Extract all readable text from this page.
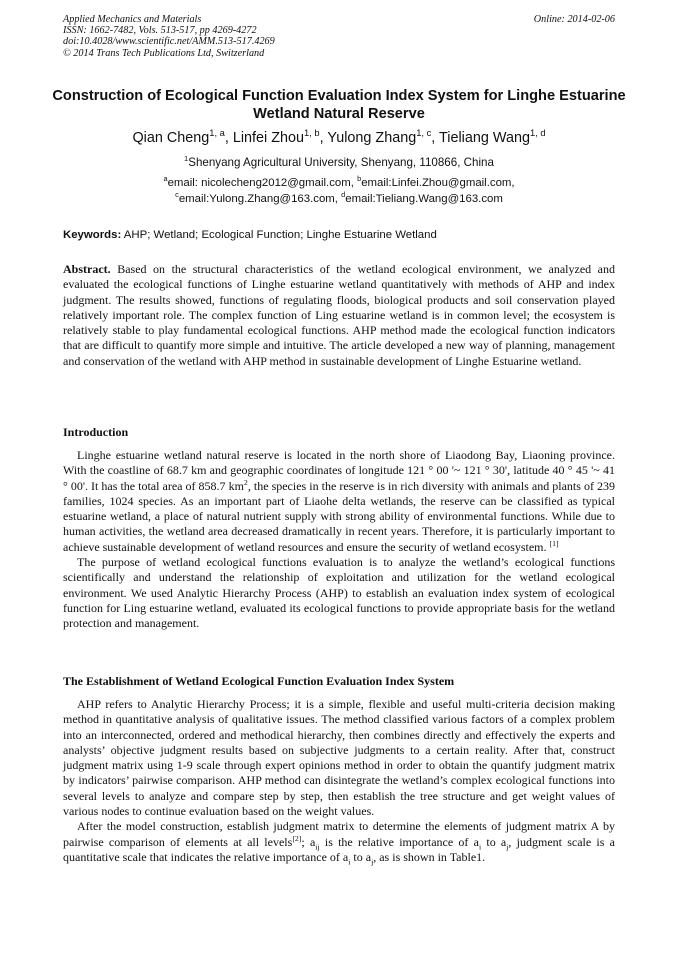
Applied Mechanics and Materials
ISSN: 1662-7482, Vols. 513-517, pp 4269-4272
doi:10.4028/www.scientific.net/AMM.513-517.4269
© 2014 Trans Tech Publications Ltd, Switzerland
Online: 2014-02-06
Construction of Ecological Function Evaluation Index System for Linghe Estuarine Wetland Natural Reserve
Qian Cheng$^{1, a}$, Linfei Zhou$^{1, b}$, Yulong Zhang$^{1, c}$, Tieliang Wang$^{1, d}$
$^1$Shenyang Agricultural University, Shenyang, 110866, China
$^a$email: nicolecheng2012@gmail.com, $^b$email:Linfei.Zhou@gmail.com,
$^c$email:Yulong.Zhang@163.com, $^d$email:Tieliang.Wang@163.com
Keywords: AHP; Wetland; Ecological Function; Linghe Estuarine Wetland

Abstract. Based on the structural characteristics of the wetland ecological environment, we analyzed and evaluated the ecological functions of Linghe estuarine wetland quantitatively with methods of AHP and index judgment. The results showed, functions of regulating floods, biological products and soil conservation played relatively important role. The complex function of Ling estuarine wetland is in common level; the ecosystem is relatively stable to play fundamental ecological functions. AHP method made the ecological function indicators that are difficult to quantify more simple and intuitive. The article developed a new way of planning, management and conservation of the wetland with AHP method in sustainable development of Linghe Estuarine wetland.

Introduction

Linghe estuarine wetland natural reserve is located in the north shore of Liaodong Bay, Liaoning province. With the coastline of 68.7 km and geographic coordinates of longitude 121 ° 00 '~ 121 ° 30', latitude 40 ° 45 '~ 41 ° 00'. It has the total area of 858.7 $km^2$, the species in the reserve is in rich diversity with animals and plants of 239 families, 1024 species. As an important part of Liaohe delta wetlands, the reserve can be classified as typical estuarine wetland, a place of natural nutrient supply with strong ability of environmental functions. While due to human activities, the wetland area decreased dramatically in recent years. Therefore, it is particularly important to achieve sustainable development of wetland resources and ensure the security of wetland ecosystem. [1]

The purpose of wetland ecological functions evaluation is to analyze the wetland’s ecological functions scientifically and understand the relationship of exploitation and utilization for the wetland ecological environment. We used Analytic Hierarchy Process (AHP) to establish an evaluation index system of ecological function for Ling estuarine wetland, evaluated its ecological functions to provide appropriate basis for the wetland protection and management.

The Establishment of Wetland Ecological Function Evaluation Index System

AHP refers to Analytic Hierarchy Process; it is a simple, flexible and useful multi-criteria decision making method in quantitative analysis of qualitative issues. The method classified various factors of a complex problem into an interconnected, ordered and methodical hierarchy, then combines directly and effectively the experts and analysts’ objective judgment results based on subjective judgments to a certain reality. After that, construct judgment matrix using 1-9 scale through expert opinions method in order to obtain the quantify judgment matrix by indicators’ pairwise comparison. AHP method can disintegrate the wetland’s complex ecological functions into several levels to analyze and compare step by step, then establish the tree structure and get weight values of various nodes to continue evaluation based on the weight values.

After the model construction, establish judgment matrix to determine the elements of judgment matrix A by pairwise comparison of elements at all levels[2]; $a_{ij}$ is the relative importance of $a_i$ to $a_j$, judgment scale is a quantitative scale that indicates the relative importance of $a_i$ to $a_j$, as is shown in Table1.
